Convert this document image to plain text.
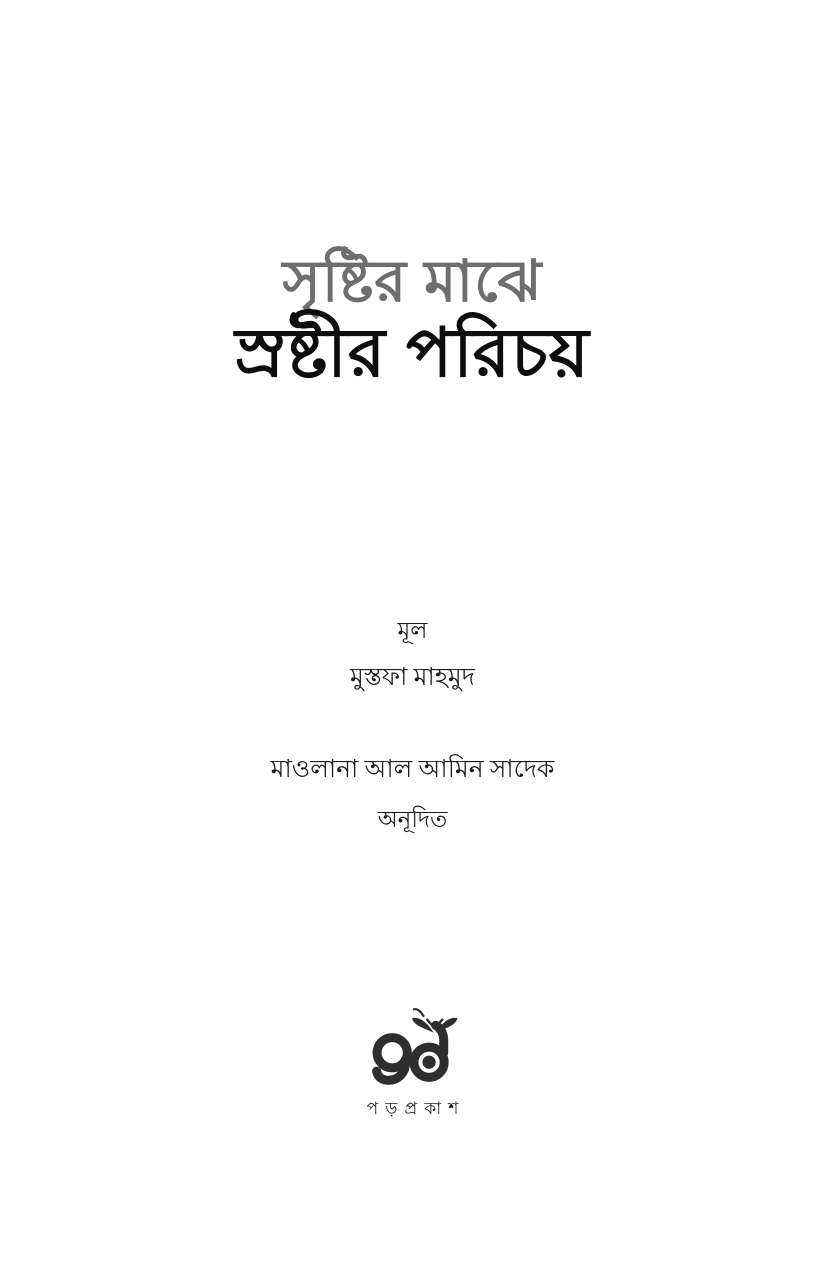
সৃষ্টির মাঝে
স্রষ্টীর পরিচয়
মূল
মুস্তফা মাহমুদ
মাওলানা আল আমিন সাদেক
অনূদিত
পড়প্রকাশ
